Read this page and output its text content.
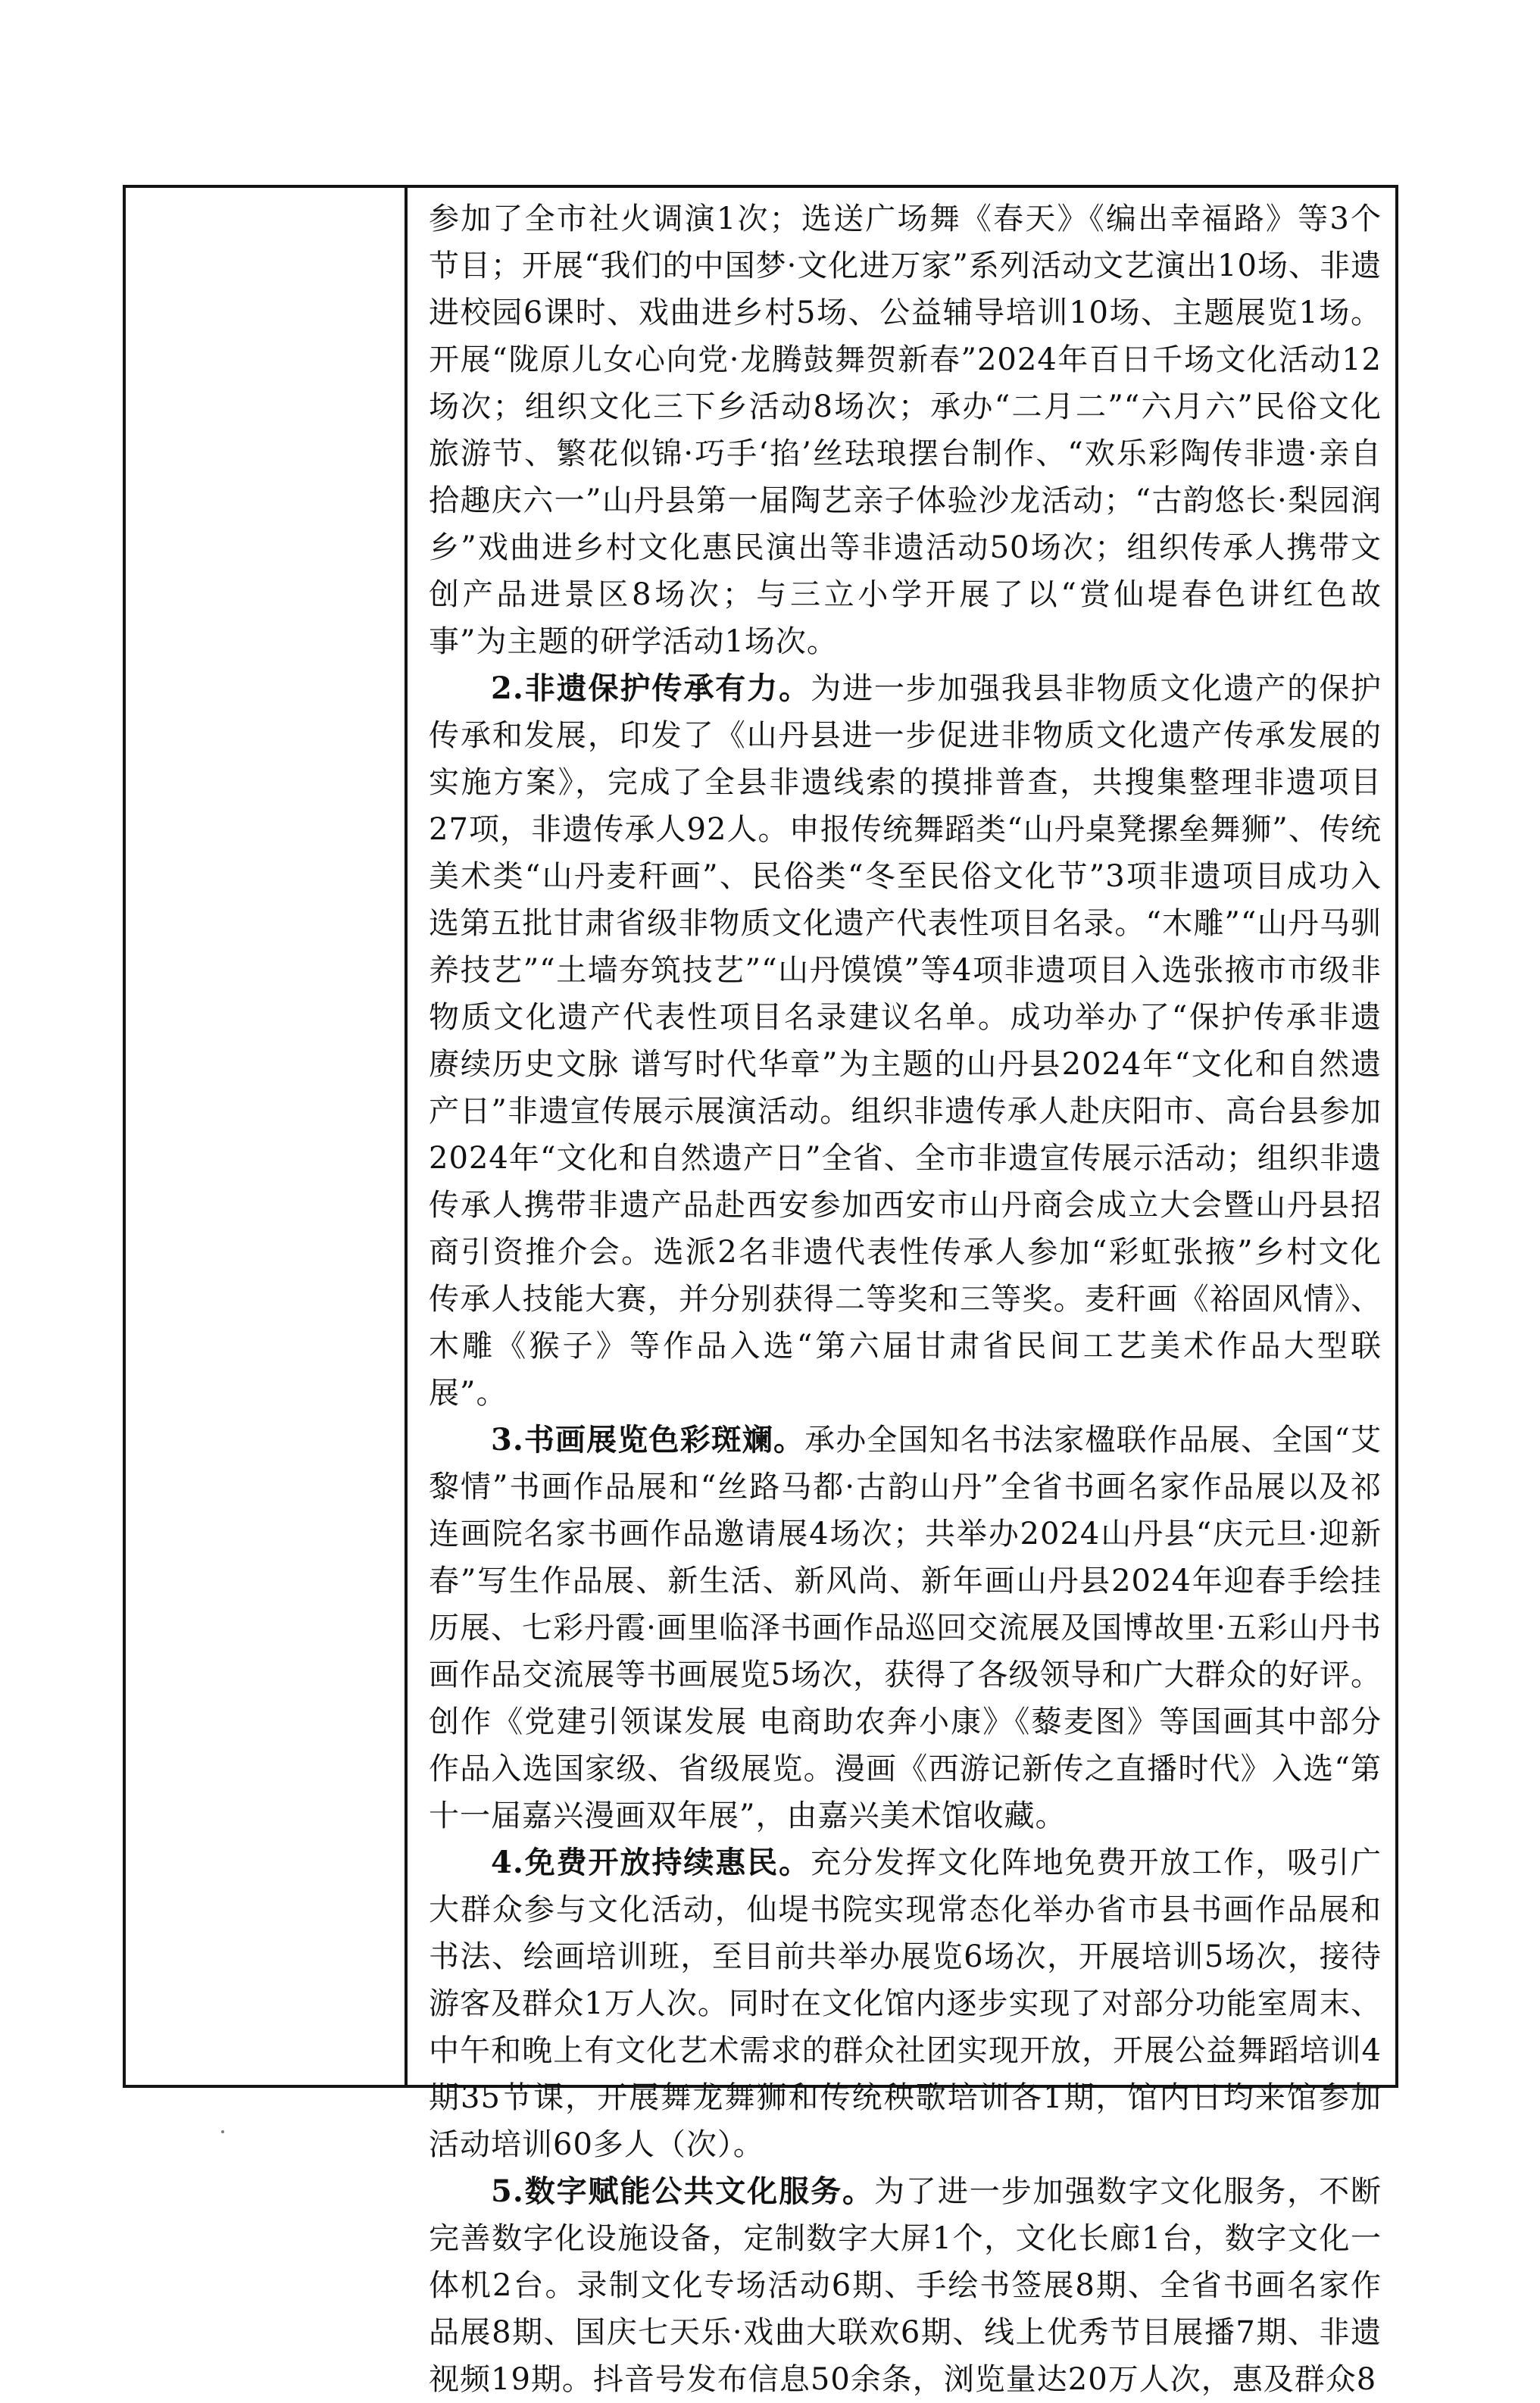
参加了全市社火调演1次；选送广场舞《春天》《编出幸福路》等3个节目；开展“我们的中国梦·文化进万家”系列活动文艺演出10场、非遗进校园6课时、戏曲进乡村5场、公益辅导培训10场、主题展览1场。开展“陇原儿女心向党·龙腾鼓舞贺新春”2024年百日千场文化活动12场次；组织文化三下乡活动8场次；承办“二月二”“六月六”民俗文化旅游节、繁花似锦·巧手‘掐’丝珐琅摆台制作、“欢乐彩陶传非遗·亲自拾趣庆六一”山丹县第一届陶艺亲子体验沙龙活动；“古韵悠长·梨园润乡”戏曲进乡村文化惠民演出等非遗活动50场次；组织传承人携带文创产品进景区8场次；与三立小学开展了以“赏仙堤春色讲红色故事”为主题的研学活动1场次。

2.非遗保护传承有力。为进一步加强我县非物质文化遗产的保护传承和发展，印发了《山丹县进一步促进非物质文化遗产传承发展的实施方案》，完成了全县非遗线索的摸排普查，共搜集整理非遗项目27项，非遗传承人92人。申报传统舞蹈类“山丹桌凳摞垒舞狮”、传统美术类“山丹麦秆画”、民俗类“冬至民俗文化节”3项非遗项目成功入选第五批甘肃省级非物质文化遗产代表性项目名录。“木雕”“山丹马驯养技艺”“土墙夯筑技艺”“山丹馍馍”等4项非遗项目入选张掖市市级非物质文化遗产代表性项目名录建议名单。成功举办了“保护传承非遗 赓续历史文脉 谱写时代华章”为主题的山丹县2024年“文化和自然遗产日”非遗宣传展示展演活动。组织非遗传承人赴庆阳市、高台县参加2024年“文化和自然遗产日”全省、全市非遗宣传展示活动；组织非遗传承人携带非遗产品赴西安参加西安市山丹商会成立大会暨山丹县招商引资推介会。选派2名非遗代表性传承人参加“彩虹张掖”乡村文化传承人技能大赛，并分别获得二等奖和三等奖。麦秆画《裕固风情》、木雕《猴子》等作品入选“第六届甘肃省民间工艺美术作品大型联展”。

3.书画展览色彩斑斓。承办全国知名书法家楹联作品展、全国“艾黎情”书画作品展和“丝路马都·古韵山丹”全省书画名家作品展以及祁连画院名家书画作品邀请展4场次；共举办2024山丹县“庆元旦·迎新春”写生作品展、新生活、新风尚、新年画山丹县2024年迎春手绘挂历展、七彩丹霞·画里临泽书画作品巡回交流展及国博故里·五彩山丹书画作品交流展等书画展览5场次，获得了各级领导和广大群众的好评。创作《党建引领谋发展 电商助农奔小康》《藜麦图》等国画其中部分作品入选国家级、省级展览。漫画《西游记新传之直播时代》入选“第十一届嘉兴漫画双年展”，由嘉兴美术馆收藏。

4.免费开放持续惠民。充分发挥文化阵地免费开放工作，吸引广大群众参与文化活动，仙堤书院实现常态化举办省市县书画作品展和书法、绘画培训班，至目前共举办展览6场次，开展培训5场次，接待游客及群众1万人次。同时在文化馆内逐步实现了对部分功能室周末、中午和晚上有文化艺术需求的群众社团实现开放，开展公益舞蹈培训4期35节课，开展舞龙舞狮和传统秧歌培训各1期，馆内日均来馆参加活动培训60多人（次）。

5.数字赋能公共文化服务。为了进一步加强数字文化服务，不断完善数字化设施设备，定制数字大屏1个，文化长廊1台，数字文化一体机2台。录制文化专场活动6期、手绘书签展8期、全省书画名家作品展8期、国庆七天乐·戏曲大联欢6期、线上优秀节目展播7期、非遗视频19期。抖音号发布信息50余条，浏览量达20万人次，惠及群众8
